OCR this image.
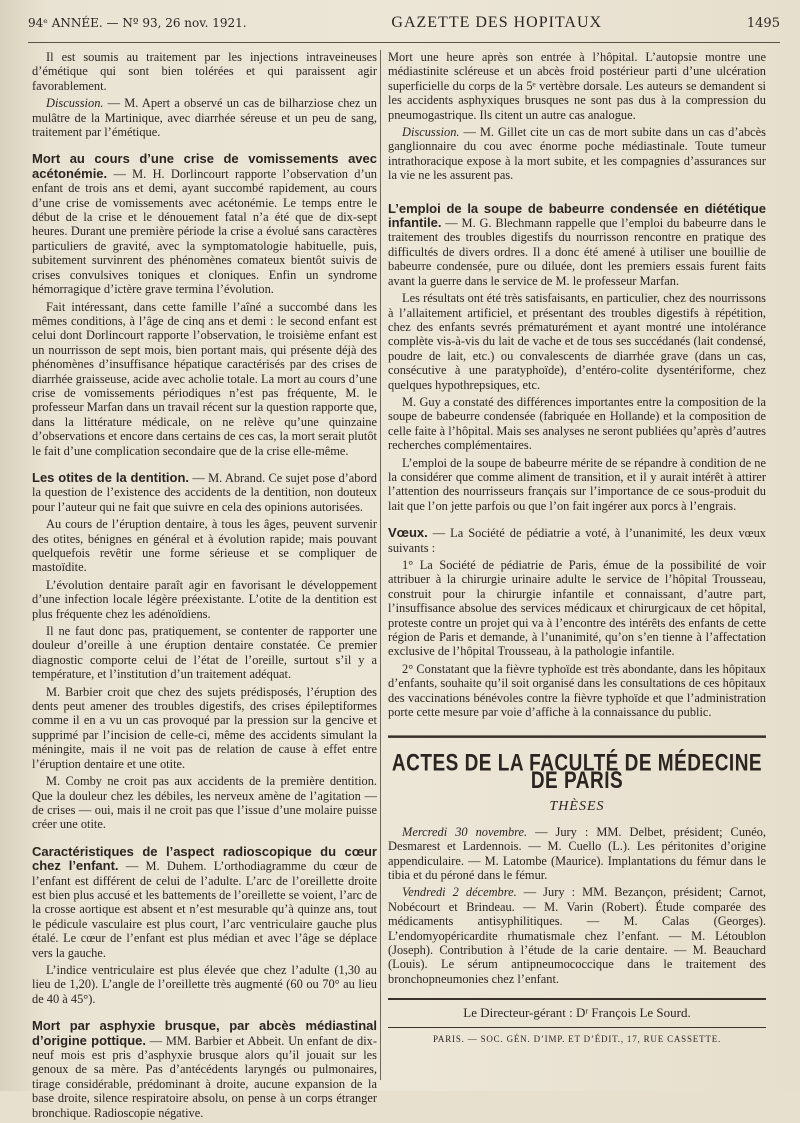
94ᵉ ANNÉE. — Nº 93, 26 nov. 1921.	GAZETTE DES HOPITAUX	1495

Il est soumis au traitement par les injections intraveineuses d’émétique qui sont bien tolérées et qui paraissent agir favorablement.

Discussion. — M. Apert a observé un cas de bilharziose chez un mulâtre de la Martinique, avec diarrhée séreuse et un peu de sang, traitement par l’émétique.

Mort au cours d’une crise de vomissements avec acétonémie. — M. H. Dorlincourt rapporte l’observation d’un enfant de trois ans et demi, ayant succombé rapidement, au cours d’une crise de vomissements avec acétonémie. Le temps entre le début de la crise et le dénouement fatal n’a été que de dix-sept heures. Durant une première période la crise a évolué sans caractères particuliers de gravité, avec la symptomatologie habituelle, puis, subitement survinrent des phénomènes comateux bientôt suivis de crises convulsives toniques et cloniques. Enfin un syndrome hémorragique d’ictère grave termina l’évolution.

Fait intéressant, dans cette famille l’aîné a succombé dans les mêmes conditions, à l’âge de cinq ans et demi : le second enfant est celui dont Dorlincourt rapporte l’observation, le troisième enfant est un nourrisson de sept mois, bien portant mais, qui présente déjà des phénomènes d’insuffisance hépatique caractérisés par des crises de diarrhée graisseuse, acide avec acholie totale. La mort au cours d’une crise de vomissements périodiques n’est pas fréquente, M. le professeur Marfan dans un travail récent sur la question rapporte que, dans la littérature médicale, on ne relève qu’une quinzaine d’observations et encore dans certains de ces cas, la mort serait plutôt le fait d’une complication secondaire que de la crise elle-même.

Les otites de la dentition. — M. Abrand. Ce sujet pose d’abord la question de l’existence des accidents de la dentition, non douteux pour l’auteur qui ne fait que suivre en cela des opinions autorisées.

Au cours de l’éruption dentaire, à tous les âges, peuvent survenir des otites, bénignes en général et à évolution rapide; mais pouvant quelquefois revêtir une forme sérieuse et se compliquer de mastoïdite.

L’évolution dentaire paraît agir en favorisant le développement d’une infection locale légère préexistante. L’otite de la dentition est plus fréquente chez les adénoïdiens.

Il ne faut donc pas, pratiquement, se contenter de rapporter une douleur d’oreille à une éruption dentaire constatée. Ce premier diagnostic comporte celui de l’état de l’oreille, surtout s’il y a température, et l’institution d’un traitement adéquat.

M. Barbier croit que chez des sujets prédisposés, l’éruption des dents peut amener des troubles digestifs, des crises épileptiformes comme il en a vu un cas provoqué par la pression sur la gencive et supprimé par l’incision de celle-ci, même des accidents simulant la méningite, mais il ne voit pas de relation de cause à effet entre l’éruption dentaire et une otite.

M. Comby ne croit pas aux accidents de la première dentition. Que la douleur chez les débiles, les nerveux amène de l’agitation — de crises — oui, mais il ne croit pas que l’issue d’une molaire puisse créer une otite.

Caractéristiques de l’aspect radioscopique du cœur chez l’enfant. — M. Duhem. L’orthodiagramme du cœur de l’enfant est différent de celui de l’adulte. L’arc de l’oreillette droite est bien plus accusé et les battements de l’oreillette se voient, l’arc de la crosse aortique est absent et n’est mesurable qu’à quinze ans, tout le pédicule vasculaire est plus court, l’arc ventriculaire gauche plus étalé. Le cœur de l’enfant est plus médian et avec l’âge se déplace vers la gauche.

L’indice ventriculaire est plus élevée que chez l’adulte (1,30 au lieu de 1,20). L’angle de l’oreillette très augmenté (60 ou 70° au lieu de 40 à 45°).

Mort par asphyxie brusque, par abcès médiastinal d’origine pottique. — MM. Barbier et Abbeit. Un enfant de dix-neuf mois est pris d’asphyxie brusque alors qu’il jouait sur les genoux de sa mère. Pas d’antécédents laryngés ou pulmonaires, tirage considérable, prédominant à droite, aucune expansion de la base droite, silence respiratoire absolu, on pense à un corps étranger bronchique. Radioscopie négative.

Mort une heure après son entrée à l’hôpital. L’autopsie montre une médiastinite scléreuse et un abcès froid postérieur parti d’une ulcération superficielle du corps de la 5ᵉ vertèbre dorsale. Les auteurs se demandent si les accidents asphyxiques brusques ne sont pas dus à la compression du pneumogastrique. Ils citent un autre cas analogue.

Discussion. — M. Gillet cite un cas de mort subite dans un cas d’abcès ganglionnaire du cou avec énorme poche médiastinale. Toute tumeur intrathoracique expose à la mort subite, et les compagnies d’assurances sur la vie ne les assurent pas.

L’emploi de la soupe de babeurre condensée en diététique infantile. — M. G. Blechmann rappelle que l’emploi du babeurre dans le traitement des troubles digestifs du nourrisson rencontre en pratique des difficultés de divers ordres. Il a donc été amené à utiliser une bouillie de babeurre condensée, pure ou diluée, dont les premiers essais furent faits avant la guerre dans le service de M. le professeur Marfan.

Les résultats ont été très satisfaisants, en particulier, chez des nourrissons à l’allaitement artificiel, et présentant des troubles digestifs à répétition, chez des enfants sevrés prématurément et ayant montré une intolérance complète vis-à-vis du lait de vache et de tous ses succédanés (lait condensé, poudre de lait, etc.) ou convalescents de diarrhée grave (dans un cas, consécutive à une paratyphoïde), d’entéro-colite dysentériforme, chez quelques hypothrepsiques, etc.

M. Guy a constaté des différences importantes entre la composition de la soupe de babeurre condensée (fabriquée en Hollande) et la composition de celle faite à l’hôpital. Mais ses analyses ne seront publiées qu’après d’autres recherches complémentaires.

L’emploi de la soupe de babeurre mérite de se répandre à condition de ne la considérer que comme aliment de transition, et il y aurait intérêt à attirer l’attention des nourrisseurs français sur l’importance de ce sous-produit du lait que l’on jette parfois ou que l’on fait ingérer aux porcs à l’engrais.

Vœux. — La Société de pédiatrie a voté, à l’unanimité, les deux vœux suivants :

1° La Société de pédiatrie de Paris, émue de la possibilité de voir attribuer à la chirurgie urinaire adulte le service de l’hôpital Trousseau, construit pour la chirurgie infantile et connaissant, d’autre part, l’insuffisance absolue des services médicaux et chirurgicaux de cet hôpital, proteste contre un projet qui va à l’encontre des intérêts des enfants de cette région de Paris et demande, à l’unanimité, qu’on s’en tienne à l’affectation exclusive de l’hôpital Trousseau, à la pathologie infantile.

2° Constatant que la fièvre typhoïde est très abondante, dans les hôpitaux d’enfants, souhaite qu’il soit organisé dans les consultations de ces hôpitaux des vaccinations bénévoles contre la fièvre typhoïde et que l’administration porte cette mesure par voie d’affiche à la connaissance du public.

ACTES DE LA FACULTÉ DE MÉDECINE DE PARIS
THÈSES

Mercredi 30 novembre. — Jury : MM. Delbet, président; Cunéo, Desmarest et Lardennois. — M. Cuello (L.). Les péritonites d’origine appendiculaire. — M. Latombe (Maurice). Implantations du fémur dans le tibia et du péroné dans le fémur.

Vendredi 2 décembre. — Jury : MM. Bezançon, président; Carnot, Nobécourt et Brindeau. — M. Varin (Robert). Étude comparée des médicaments antisyphilitiques. — M. Calas (Georges). L’endomyopéricardite rhumatismale chez l’enfant. — M. Létoublon (Joseph). Contribution à l’étude de la carie dentaire. — M. Beauchard (Louis). Le sérum antipneumococcique dans le traitement des bronchopneumonies chez l’enfant.

Le Directeur-gérant : Dʳ François Le Sourd.
PARIS. — SOC. GÉN. D’IMP. ET D’ÉDIT., 17, RUE CASSETTE.
